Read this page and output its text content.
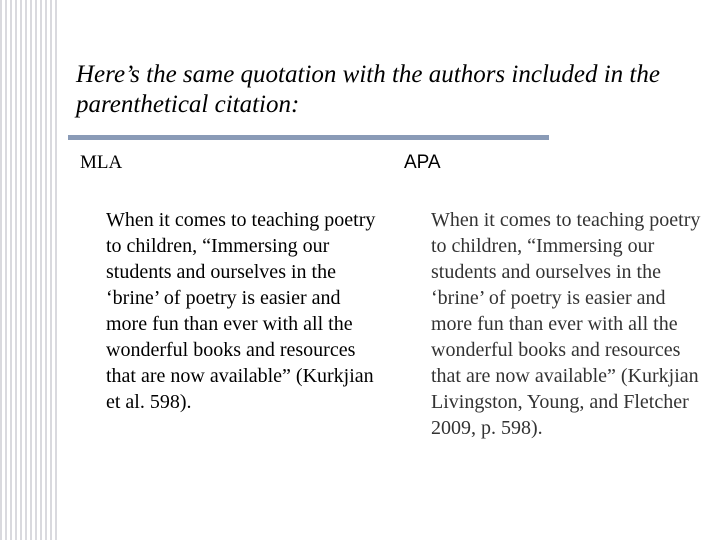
Here’s the same quotation with the authors included in the parenthetical citation:
MLA	APA

When it comes to teaching poetry to children, “Immersing our students and ourselves in the ‘brine’ of poetry is easier and more fun than ever with all the wonderful books and resources that are now available” (Kurkjian et al. 598).

When it comes to teaching poetry to children, “Immersing our students and ourselves in the ‘brine’ of poetry is easier and more fun than ever with all the wonderful books and resources that are now available” (Kurkjian Livingston, Young, and Fletcher 2009, p. 598).
